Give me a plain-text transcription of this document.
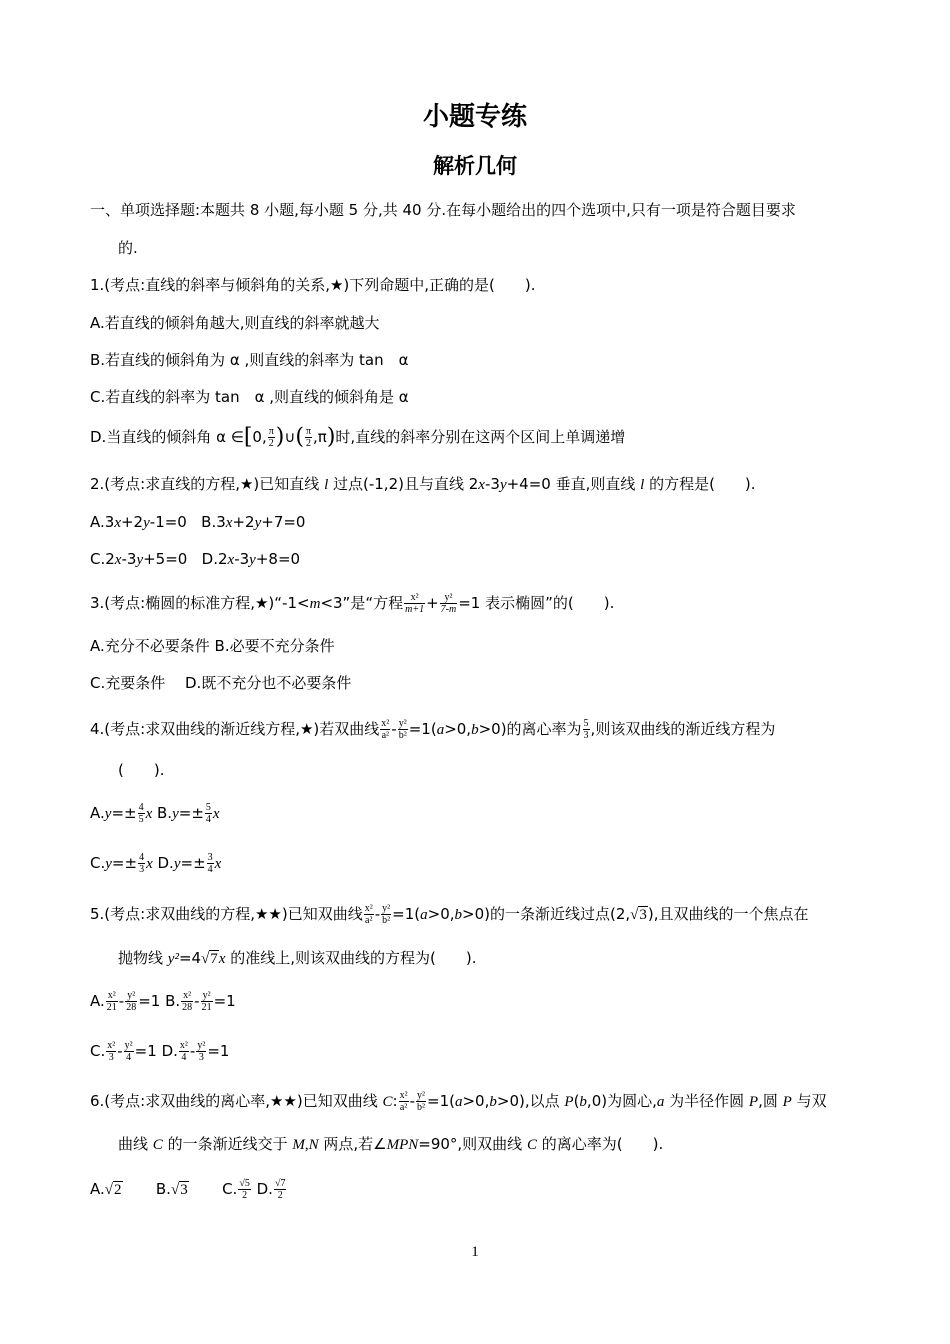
小题专练
解析几何
一、单项选择题:本题共 8 小题,每小题 5 分,共 40 分.在每小题给出的四个选项中,只有一项是符合题目要求
的.
1.(考点:直线的斜率与倾斜角的关系,★)下列命题中,正确的是(　　).
A.若直线的倾斜角越大,则直线的斜率就越大
B.若直线的倾斜角为 α ,则直线的斜率为 tan　α
C.若直线的斜率为 tan　α ,则直线的倾斜角是 α
D.当直线的倾斜角 α ∈[0, $\frac{\pi}{2}$ )∪( $\frac{\pi}{2} ,\pi$)时,直线的斜率分别在这两个区间上单调递增
2.(考点:求直线的方程,★)已知直线 l 过点(-1,2)且与直线 2x-3y+4=0 垂直,则直线 l 的方程是(　　).
A.3x+2y-1=0 B.3x+2y+7=0
C.2x-3y+5=0 D.2x-3y+8=0
3.(考点:椭圆的标准方程,★)“-1<m<3”是“方程 $\frac{\text{x²}}{m+1} + \frac{\text{y²}}{7-m} =1$ 表示椭圆”的(　　).
A.充分不必要条件 B.必要不充分条件
C.充要条件　 D.既不充分也不必要条件
4.(考点:求双曲线的渐近线方程,★)若双曲线 $\frac{\text{x²}}{\text{a²}} - \frac{\text{y²}}{\text{b²}} =1(a>0,b>0)$的离心率为 $\frac{5}{3}$ ,则该双曲线的渐近线方程为
(　　).
$A.y=\pm \frac{4}{5}$ x $B.y=\pm \frac{5}{4}$ x
$C.y=\pm \frac{4}{3}$ x $D.y=\pm \frac{3}{4}$ x
5.(考点:求双曲线的方程,★★)已知双曲线 $\frac{\text{x²}}{\text{a²}} - \frac{\text{y²}}{\text{b²}} =1(a>0,b>0)$的一条渐近线过点(2,√3),且双曲线的一个焦点在
抛物线 y²=4√7x 的准线上,则该双曲线的方程为(　　).
A. $\frac{\text{x²}}{21} - \frac{\text{y²}}{28} =1$ B. $\frac{\text{x²}}{28} - \frac{\text{y²}}{21} =1$
C. $\frac{\text{x²}}{3} - \frac{\text{y²}}{4} =1$ D. $\frac{\text{x²}}{4} - \frac{\text{y²}}{3} =1$
6.(考点:求双曲线的离心率,★★)已知双曲线 C: $\frac{\text{x²}}{\text{a²}} - \frac{\text{y²}}{\text{b²}} =1(a>0,b>0)$,以点 P(b,0)为圆心,a 为半径作圆 P,圆 P 与双
曲线 C 的一条渐近线交于 M,N 两点,若∠MPN=90°,则双曲线 C 的离心率为(　　).
A.√2 B.√3 C. $\frac{√5}{2} D$. $\frac{√7}{2}$
1
